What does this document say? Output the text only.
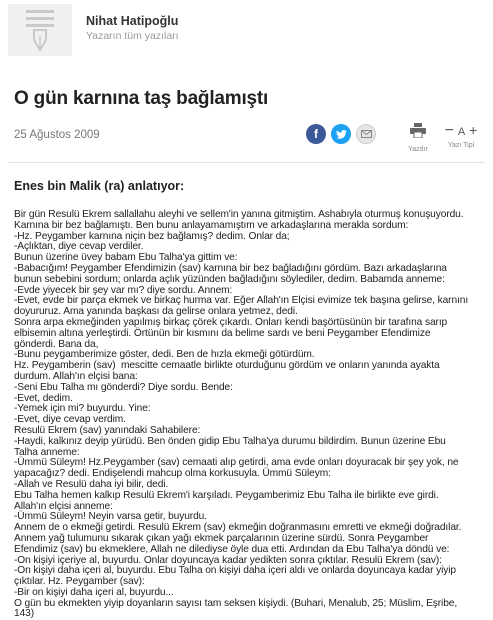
Nihat Hatipoğlu
Yazarın tüm yazıları
O gün karnına taş bağlamıştı
25 Ağustos 2009	f
Yazdır
− A +
Yazı Tipi
Enes bin Malik (ra) anlatıyor:
Bir gün Resulü Ekrem sallallahu aleyhi ve sellem'in yanına gitmiştim. Ashabıyla oturmuş konuşuyordu.
Karnına bir bez bağlamıştı. Ben bunu anlayamamıştım ve arkadaşlarına merakla sordum:
-Hz. Peygamber karnına niçin bez bağlamış? dedim. Onlar da;
-Açlıktan, diye cevap verdiler.
Bunun üzerine üvey babam Ebu Talha'ya gittim ve:
-Babacığım! Peygamber Efendimizin (sav) karnına bir bez bağladığını gördüm. Bazı arkadaşlarına
bunun sebebini sordum; onlarda açlık yüzünden bağladığını söylediler, dedim. Babamda anneme:
-Evde yiyecek bir şey var mı? diye sordu. Annem:
-Evet, evde bir parça ekmek ve birkaç hurma var. Eğer Allah'ın Elçisi evimize tek başına gelirse, karnını
doyururuz. Ama yanında başkası da gelirse onlara yetmez, dedi.
Sonra arpa ekmeğinden yapılmış birkaç çörek çıkardı. Onları kendi başörtüsünün bir tarafına sarıp
elbisemin altına yerleştirdi. Örtünün bir kısmını da belime sardı ve beni Peygamber Efendimize
gönderdi. Bana da,
-Bunu peygamberimize göster, dedi. Ben de hızla ekmeği götürdüm.
Hz. Peygamberin (sav)  mescitte cemaatle birlikte oturduğunu gördüm ve onların yanında ayakta
durdum. Allah'ın elçisi bana:
-Seni Ebu Talha mı gönderdi? Diye sordu. Bende:
-Evet, dedim.
-Yemek için mi? buyurdu. Yine:
-Evet, diye cevap verdim.
Resulü Ekrem (sav) yanındaki Sahabilere:
-Haydi, kalkınız deyip yürüdü. Ben önden gidip Ebu Talha'ya durumu bildirdim. Bunun üzerine Ebu
Talha anneme:
-Ümmü Süleym! Hz.Peygamber (sav) cemaati alıp getirdi, ama evde onları doyuracak bir şey yok, ne
yapacağız? dedi. Endişelendi mahcup olma korkusuyla. Ümmü Süleym:
-Allah ve Resulü daha iyi bilir, dedi.
Ebu Talha hemen kalkıp Resulü Ekrem'i karşıladı. Peygamberimiz Ebu Talha ile birlikte eve girdi.
Allah'ın elçisi anneme:
-Ümmü Süleym! Neyin varsa getir, buyurdu.
Annem de o ekmeği getirdi. Resulü Ekrem (sav) ekmeğin doğranmasını emretti ve ekmeği doğradılar.
Annem yağ tulumunu sıkarak çıkan yağı ekmek parçalarının üzerine sürdü. Sonra Peygamber
Efendimiz (sav) bu ekmeklere, Allah ne dilediyse öyle dua etti. Ardından da Ebu Talha'ya döndü ve:
-On kişiyi içeriye al, buyurdu. Onlar doyuncaya kadar yedikten sonra çıktılar. Resulü Ekrem (sav):
-On kişiyi daha içeri al, buyurdu. Ebu Talha on kişiyi daha içeri aldı ve onlarda doyuncaya kadar yiyip
çıktılar. Hz. Peygamber (sav):
-Bir on kişiyi daha içeri al, buyurdu...
O gün bu ekmekten yiyip doyanların sayısı tam seksen kişiydi. (Buhari, Menalub, 25; Müslim, Eşribe,
143)
